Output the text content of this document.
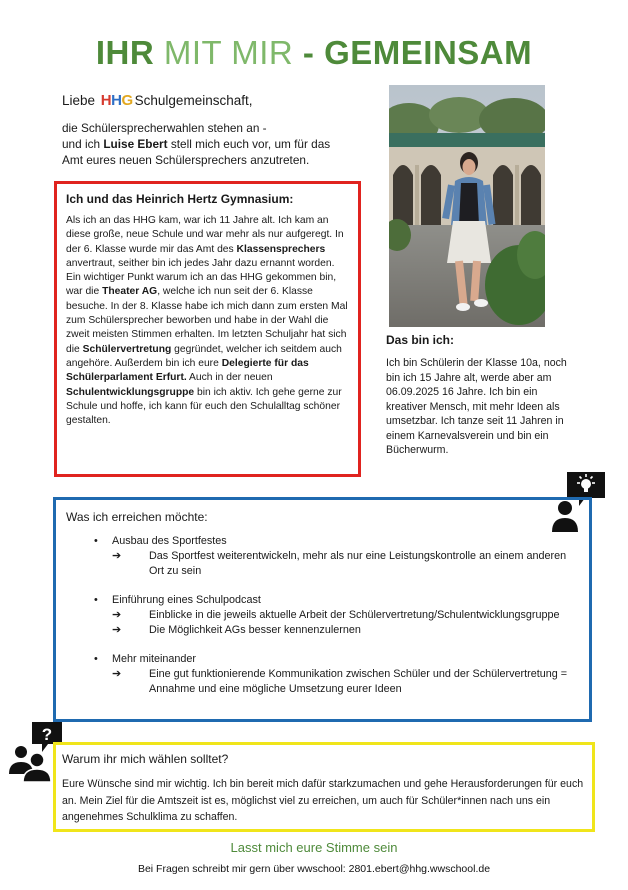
IHR MIT MIR - GEMEINSAM
Liebe H H G Schulgemeinschaft,
die Schülersprecherwahlen stehen an -
und ich Luise Ebert stell mich euch vor, um für das
Amt eures neuen Schülersprechers anzutreten.
Ich und das Heinrich Hertz Gymnasium:

Als ich an das HHG kam, war ich 11 Jahre alt. Ich kam an diese große, neue Schule und war mehr als nur aufgeregt. In der 6. Klasse wurde mir das Amt des Klassensprechers anvertraut, seither bin ich jedes Jahr dazu ernannt worden. Ein wichtiger Punkt warum ich an das HHG gekommen bin, war die Theater AG, welche ich nun seit der 6. Klasse besuche. In der 8. Klasse habe ich mich dann zum ersten Mal zum Schülersprecher beworben und habe in der Wahl die zweit meisten Stimmen erhalten. Im letzten Schuljahr hat sich die Schülervertretung gegründet, welcher ich seitdem auch angehöre. Außerdem bin ich eure Delegierte für das Schülerparlament Erfurt. Auch in der neuen Schulentwicklungsgruppe bin ich aktiv. Ich gehe gerne zur Schule und hoffe, ich kann für euch den Schulalltag schöner gestalten.

Das bin ich:
Ich bin Schülerin der Klasse 10a, noch bin ich 15 Jahre alt, werde aber am 06.09.2025 16 Jahre. Ich bin ein kreativer Mensch, mit mehr Ideen als umsetzbar. Ich tanze seit 11 Jahren in einem Karnevalsverein und bin ein Bücherwurm.
Was ich erreichen möchte:
• Ausbau des Sportfestes
➔	Das Sportfest weiterentwickeln, mehr als nur eine Leistungskontrolle an einem anderen Ort zu sein
• Einführung eines Schulpodcast
➔	Einblicke in die jeweils aktuelle Arbeit der Schülervertretung/Schulentwicklungsgruppe
➔	Die Möglichkeit AGs besser kennenzulernen
• Mehr miteinander
➔	Eine gut funktionierende Kommunikation zwischen Schüler und der Schülervertretung = Annahme und eine mögliche Umsetzung eurer Ideen
?
Warum ihr mich wählen solltet?

Eure Wünsche sind mir wichtig. Ich bin bereit mich dafür starkzumachen und gehe Herausforderungen für euch an. Mein Ziel für die Amtszeit ist es, möglichst viel zu erreichen, um auch für Schüler*innen nach uns ein angenehmes Schulklima zu schaffen.

Lasst mich eure Stimme sein
Bei Fragen schreibt mir gern über wwschool: 2801.ebert@hhg.wwschool.de
